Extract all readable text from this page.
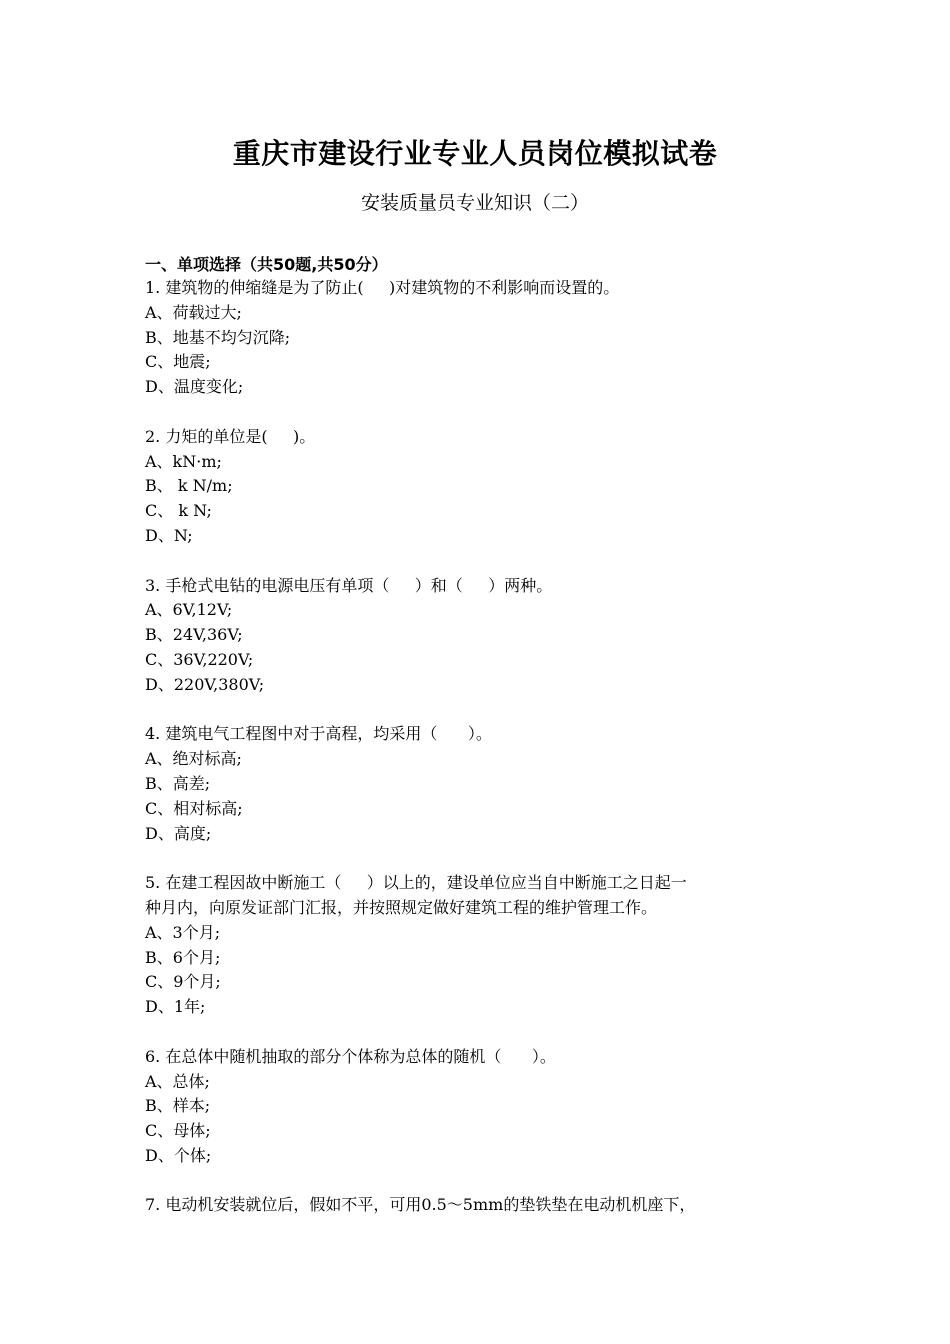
重庆市建设行业专业人员岗位模拟试卷
安装质量员专业知识（二）
一、单项选择（共50题,共50分）
1. 建筑物的伸缩缝是为了防止(     )对建筑物的不利影响而设置的。
A、荷载过大;
B、地基不均匀沉降;
C、地震;
D、温度变化;
2. 力矩的单位是(     )。
A、kN·m;
B、 k N/m;
C、 k N;
D、N;
3. 手枪式电钻的电源电压有单项（     ）和（     ）两种。
A、6V,12V;
B、24V,36V;
C、36V,220V;
D、220V,380V;
4. 建筑电气工程图中对于高程，均采用（      ）。
A、绝对标高;
B、高差;
C、相对标高;
D、高度;
5. 在建工程因故中断施工（     ）以上的，建设单位应当自中断施工之日起一
种月内，向原发证部门汇报，并按照规定做好建筑工程的维护管理工作。
A、3个月;
B、6个月;
C、9个月;
D、1年;
6. 在总体中随机抽取的部分个体称为总体的随机（      ）。
A、总体;
B、样本;
C、母体;
D、个体;
7. 电动机安装就位后，假如不平，可用0.5～5mm的垫铁垫在电动机机座下，
